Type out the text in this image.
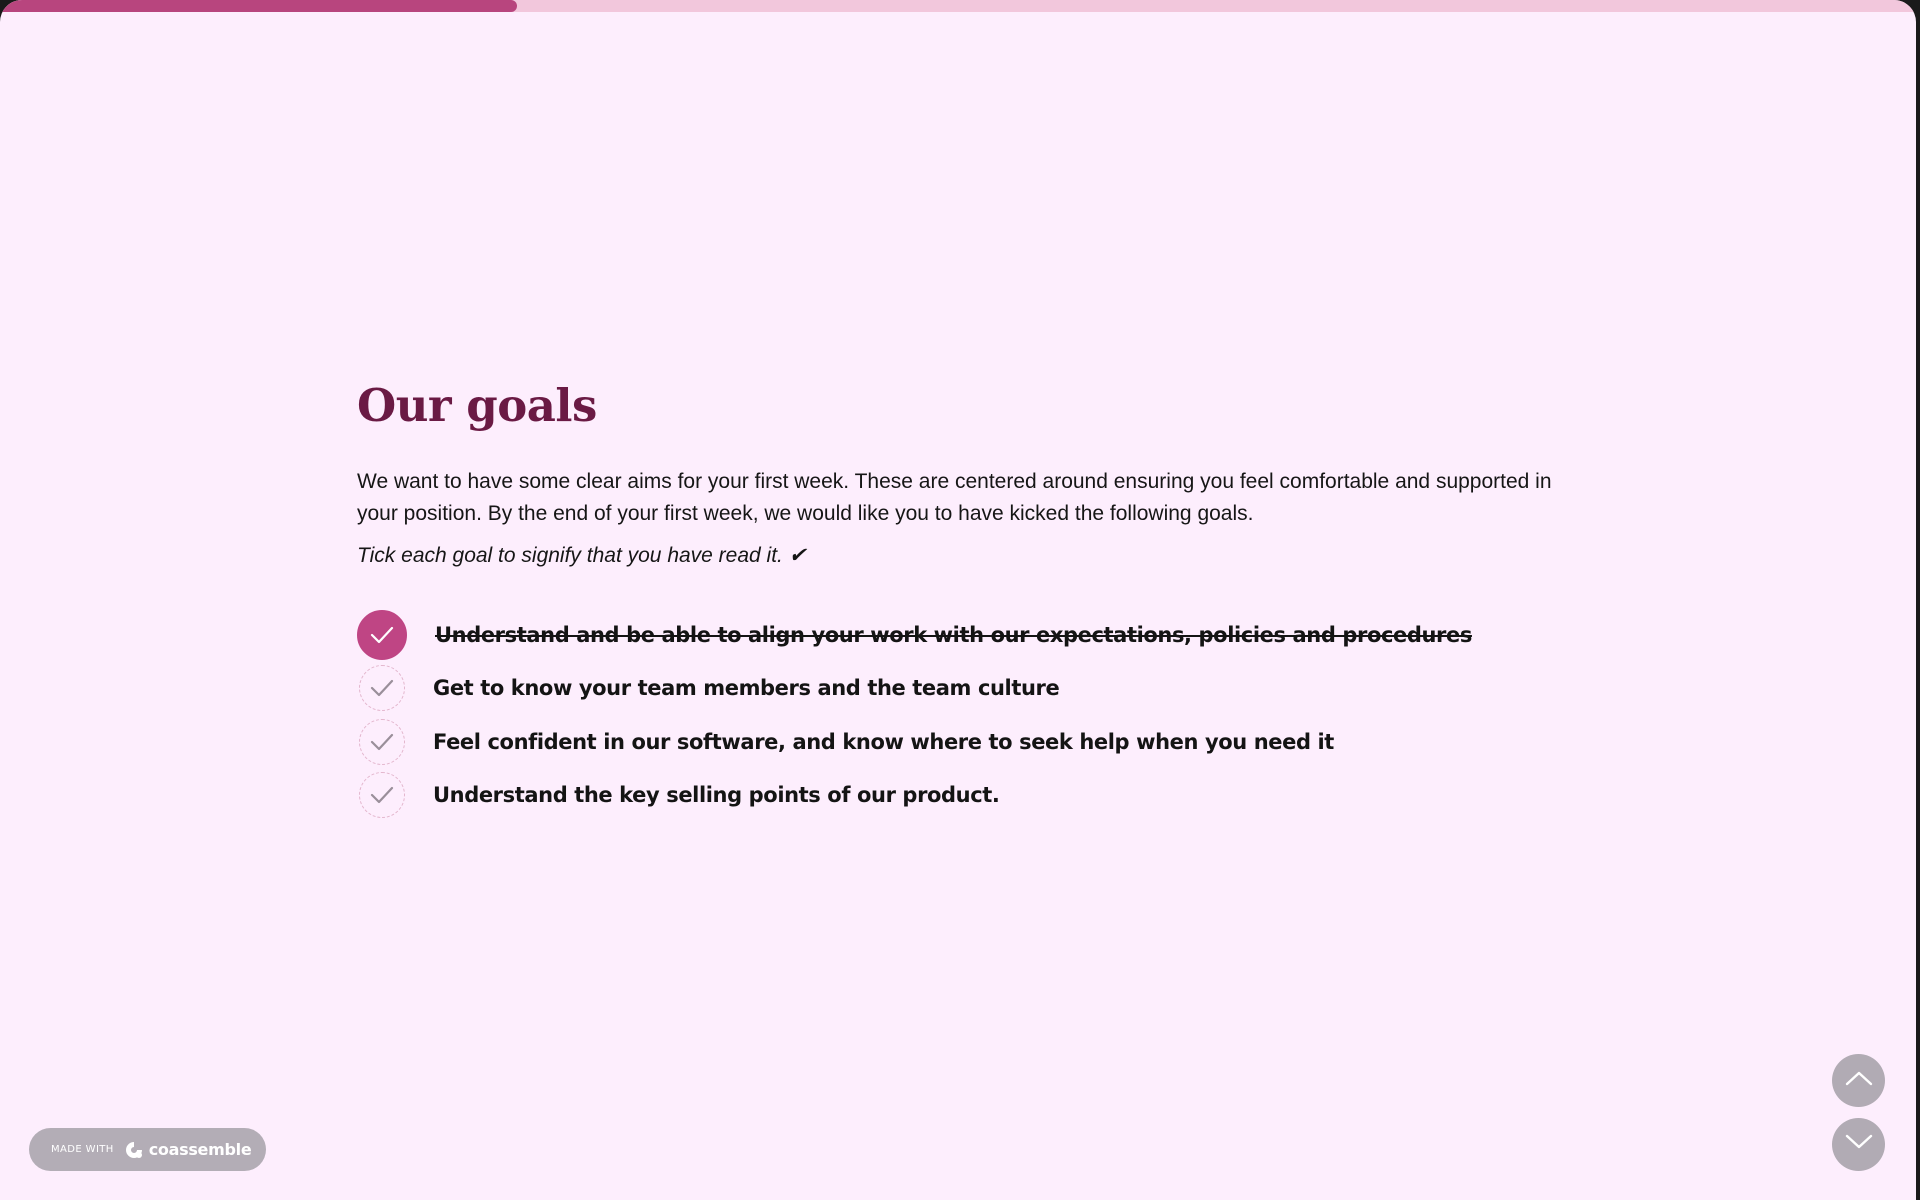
Our goals

We want to have some clear aims for your first week. These are centered around ensuring you feel comfortable and supported in your position. By the end of your first week, we would like you to have kicked the following goals.

Tick each goal to signify that you have read it. ✔

Understand and be able to align your work with our expectations, policies and procedures
Get to know your team members and the team culture
Feel confident in our software, and know where to seek help when you need it
Understand the key selling points of our product.
MADE WITH coassemble
